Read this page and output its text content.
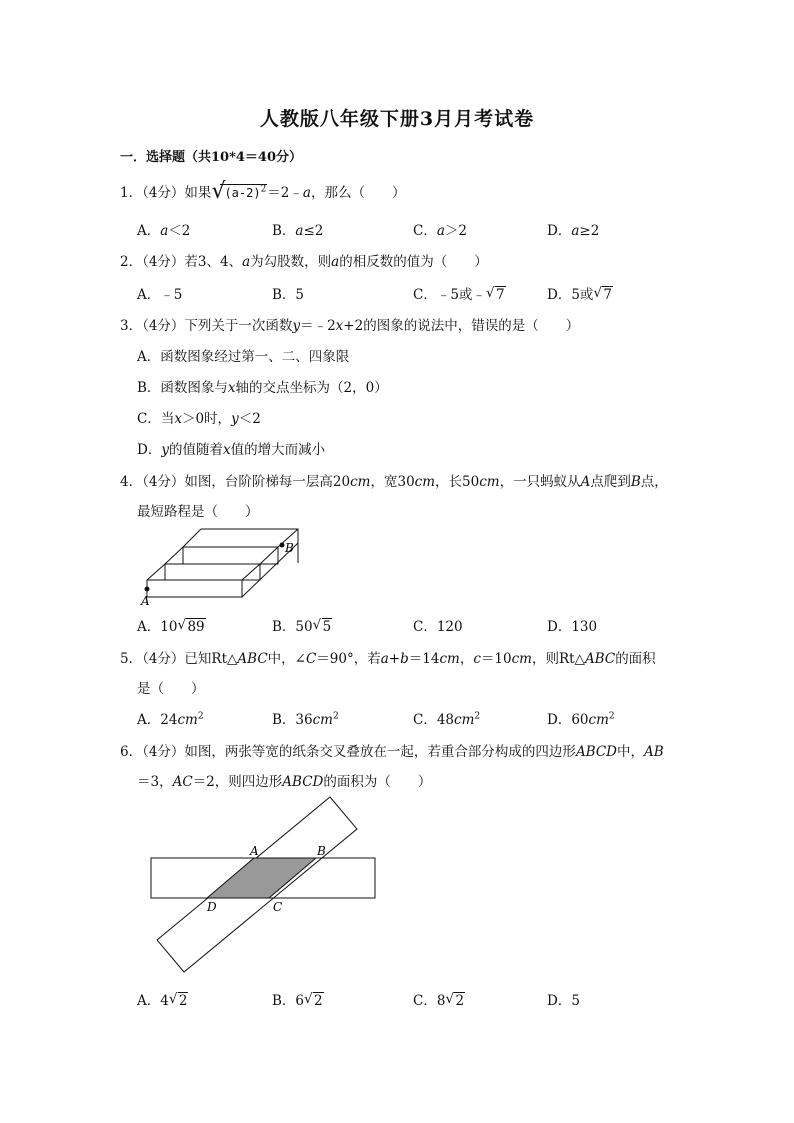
人教版八年级下册3月月考试卷
一．选择题（共10*4＝40分）
1．（4分）如果 √
$(a-2)^2=2﹣a$，那么（　　）
A．a＜2	B．a≤2	C．a＞2	D．a≥2
2．（4分）若3、4、a为勾股数，则a的相反数的值为（　　）
A．﹣5	B．5	C．﹣5或﹣ √ 7	D．5或 √ 7
3．（4分）下列关于一次函数y＝﹣2x+2的图象的说法中，错误的是（　　）
A．函数图象经过第一、二、四象限
B．函数图象与x轴的交点坐标为（2，0）
C．当x＞0时，y＜2
D．y的值随着x值的增大而减小
4．（4分）如图，台阶阶梯每一层高20cm，宽30cm，长50cm，一只蚂蚁从A点爬到B点，
最短路程是（　　）
A
B
A．10 √ 89	B．50 √ 5	C．120	D．130
5．（4分）已知Rt△ABC中，∠C＝90°，若a+b＝14cm，c＝10cm，则Rt△ABC的面积
是（　　）
A．$24cm^2$	B．$36cm^2$	C．$48cm^2$	D．$60cm^2$
6．（4分）如图，两张等宽的纸条交叉叠放在一起，若重合部分构成的四边形ABCD中，AB
＝3，AC＝2，则四边形ABCD的面积为（　　）
A	B
D	C
A．4 √ 2	B．6 √ 2	C．8 √ 2	D．5
